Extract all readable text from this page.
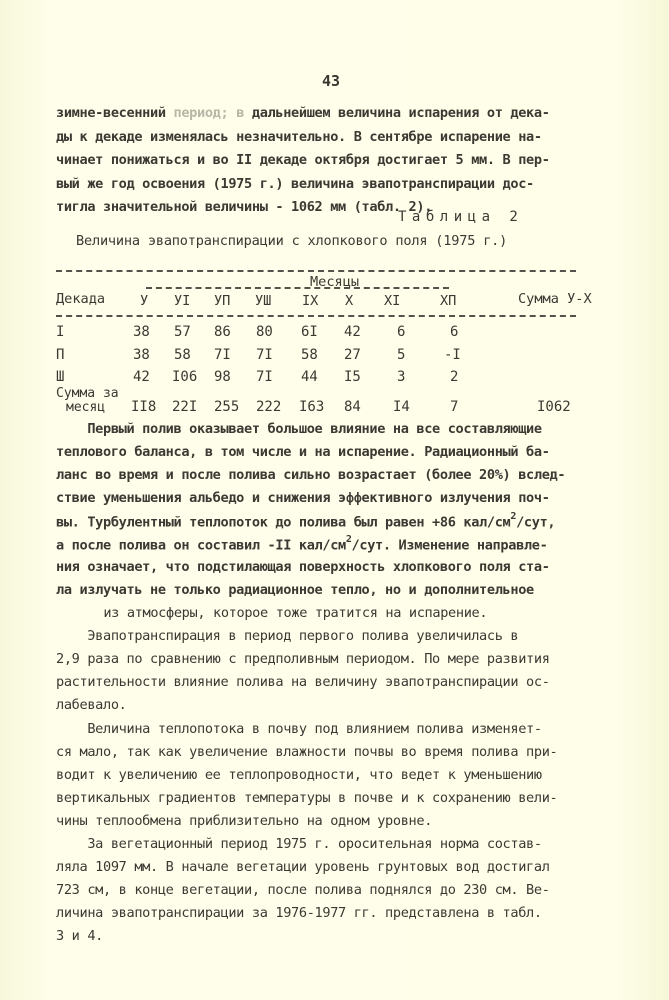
43
зимне-весенний период; в дальнейшем величина испарения от дека-
ды к декаде изменялась незначительно. В сентябре испарение на-
чинает понижаться и во II декаде октября достигает 5 мм. В пер-
вый же год освоения (1975 г.) величина эвапотранспирации дос-
тигла значительной величины - 1062 мм (табл. 2).
Таблица 2
Величина эвапотранспирации с хлопкового поля (1975 г.)
Месяцы
Декада	У УI УП УШ IX X XI	XП	Сумма У-Х
I	38 57 86 80 6I 42	6	6
П	38 58 7I 7I 58 27	5	-I
Ш	42 I06 98 7I 44 I5	3	2
Сумма за
месяц II8 22I 255 222 I63 84 I4	7	I062
Первый полив оказывает большое влияние на все составляющие
теплового баланса, в том числе и на испарение. Радиационный ба-
ланс во время и после полива сильно возрастает (более 20%) вслед-
ствие уменьшения альбедо и снижения эффективного излучения поч-
вы. Турбулентный теплопоток до полива был равен +86 кал/$см^2$/сут,
а после полива он составил -II кал/$см^2$/сут. Изменение направле-
ния означает, что подстилающая поверхность хлопкового поля ста-
ла излучать не только радиационное тепло, но и дополнительное
из атмосферы, которое тоже тратится на испарение.
Эвапотранспирация в период первого полива увеличилась в
2,9 раза по сравнению с предполивным периодом. По мере развития
растительности влияние полива на величину эвапотранспирации ос-
лабевало.
Величина теплопотока в почву под влиянием полива изменяет-
ся мало, так как увеличение влажности почвы во время полива при-
водит к увеличению ее теплопроводности, что ведет к уменьшению
вертикальных градиентов температуры в почве и к сохранению вели-
чины теплообмена приблизительно на одном уровне.
За вегетационный период 1975 г. оросительная норма состав-
ляла 1097 мм. В начале вегетации уровень грунтовых вод достигал
723 см, в конце вегетации, после полива поднялся до 230 см. Ве-
личина эвапотранспирации за 1976-1977 гг. представлена в табл.
3 и 4.
